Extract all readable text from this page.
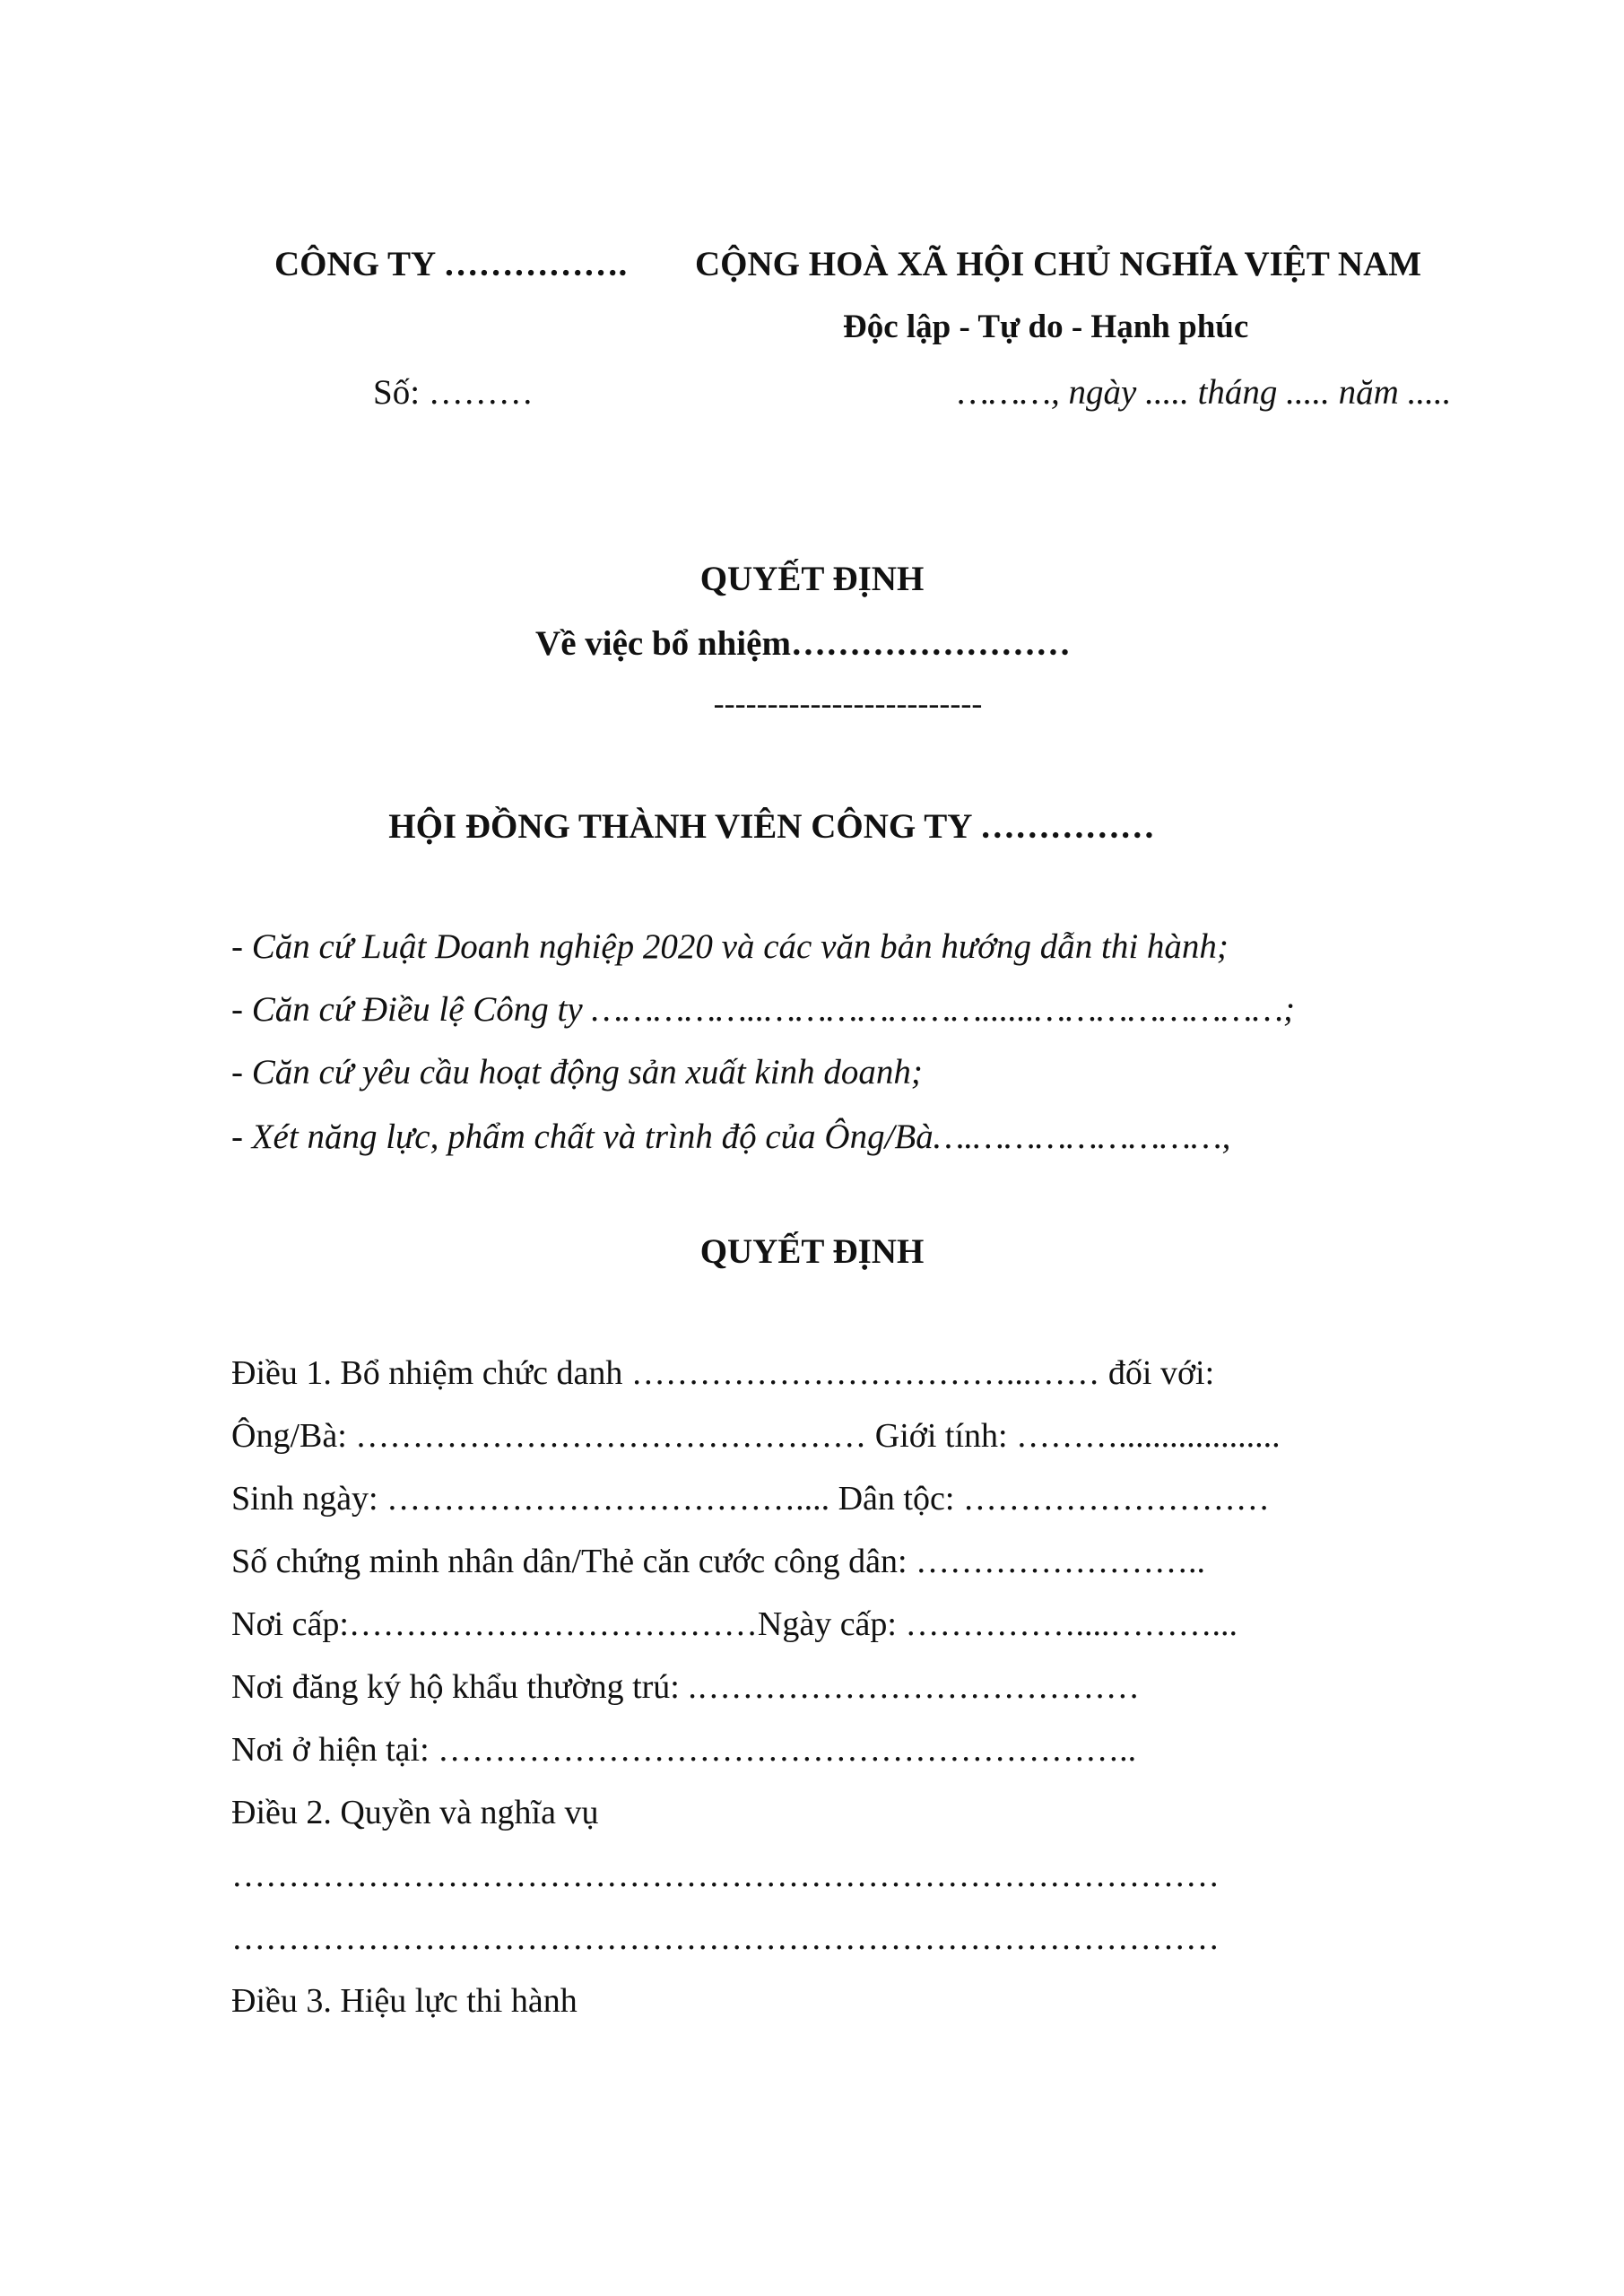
CÔNG TY ……………. CỘNG HOÀ XÃ HỘI CHỦ NGHĨA VIỆT NAM
Độc lập - Tự do - Hạnh phúc
Số: ………	………, ngày ..... tháng ..... năm .....
QUYẾT ĐỊNH
Về việc bổ nhiệm……………………
-------------------------
HỘI ĐỒNG THÀNH VIÊN CÔNG TY ……………
- Căn cứ Luật Doanh nghiệp 2020 và các văn bản hướng dẫn thi hành;
- Căn cứ Điều lệ Công ty ……………..…………………......……………………;
- Căn cứ yêu cầu hoạt động sản xuất kinh doanh;
- Xét năng lực, phẩm chất và trình độ của Ông/Bà….……………………,
QUYẾT ĐỊNH
Điều 1. Bổ nhiệm chức danh ……………………………...…… đối với:
Ông/Bà: ……………………………………… Giới tính: ………...................
Sinh ngày: ……………………………….... Dân tộc: ………………………
Số chứng minh nhân dân/Thẻ căn cước công dân: ……………………..
Nơi cấp:………………………………Ngày cấp: ……………....………...
Nơi đăng ký hộ khẩu thường trú: .…………………………………
Nơi ở hiện tại: ……………………………………………………..
Điều 2. Quyền và nghĩa vụ
……………………………………………………………………………
……………………………………………………………………………
Điều 3. Hiệu lực thi hành
